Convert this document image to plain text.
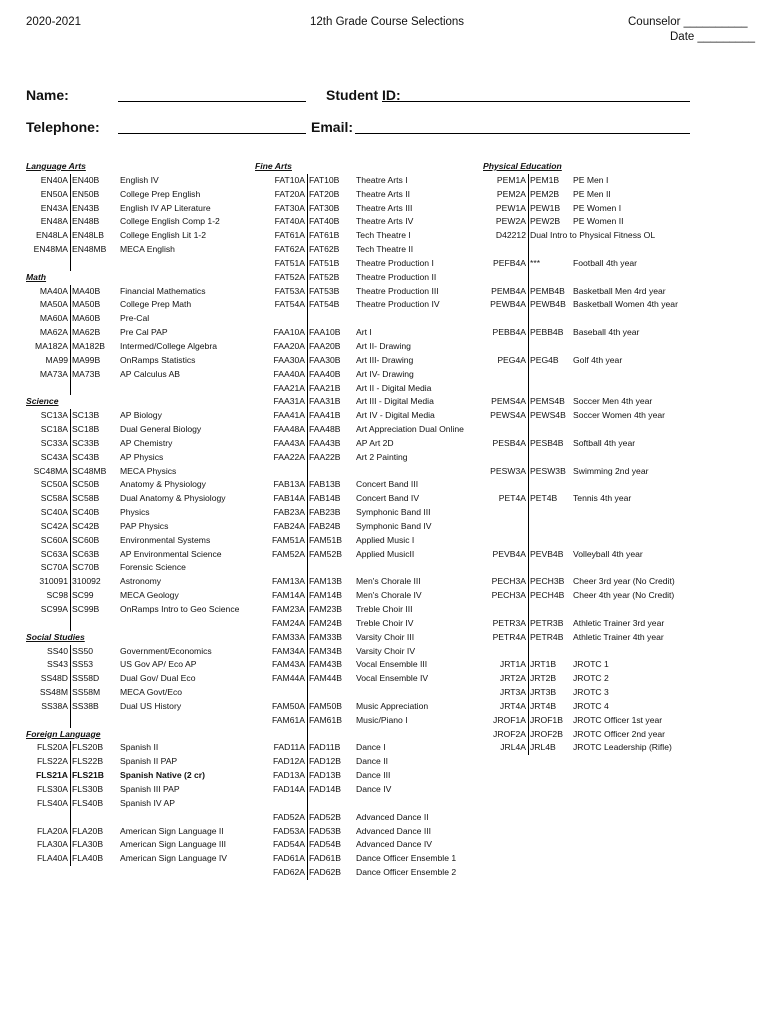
2020-2021	12th Grade Course Selections	Counselor __________
Date _________
Name:	Student ID:
Telephone:	Email:
Language Arts
EN40A EN40B English IV
EN50A EN50B College Prep English
EN43A EN43B English IV AP Literature
EN48A EN48B College English Comp 1-2
EN48LA EN48LB College English Lit 1-2
EN48MA EN48MB MECA English
Math
MA40A MA40B Financial Mathematics
MA50A MA50B College Prep Math
MA60A MA60B Pre-Cal
MA62A MA62B Pre Cal PAP
MA182A MA182B Intermed/College Algebra
MA99 MA99B OnRamps Statistics
MA73A MA73B AP Calculus AB
Science
SC13A SC13B AP Biology
SC18A SC18B Dual General Biology
SC33A SC33B AP Chemistry
SC43A SC43B AP Physics
SC48MA SC48MB MECA Physics
SC50A SC50B Anatomy & Physiology
SC58A SC58B Dual Anatomy & Physiology
SC40A SC40B Physics
SC42A SC42B PAP Physics
SC60A SC60B Environmental Systems
SC63A SC63B AP Environmental Science
SC70A SC70B Forensic Science
310091 310092 Astronomy
SC98 SC99	MECA Geology
SC99A SC99B OnRamps Intro to Geo Science
Social Studies
SS40 SS50	Government/Economics
SS43 SS53	US Gov AP/ Eco AP
SS48D SS58D Dual Gov/ Dual Eco
SS48M SS58M MECA Govt/Eco
SS38A SS38B Dual US History
Foreign Language
FLS20A FLS20B Spanish II
FLS22A FLS22B Spanish II PAP
FLS21A FLS21B Spanish Native (2 cr)
FLS30A FLS30B Spanish III PAP
FLS40A FLS40B Spanish IV AP
FLA20A FLA20B American Sign Language II
FLA30A FLA30B American Sign Language III
FLA40A FLA40B American Sign Language IV
Fine Arts
FAT10A FAT10B Theatre Arts I
FAT20A FAT20B Theatre Arts II
FAT30A FAT30B Theatre Arts III
FAT40A FAT40B Theatre Arts IV
FAT61A FAT61B Tech Theatre I
FAT62A FAT62B Tech Theatre II
FAT51A FAT51B Theatre Production I
FAT52A FAT52B Theatre Production II
FAT53A FAT53B Theatre Production III
FAT54A FAT54B Theatre Production IV
FAA10A FAA10B Art I
FAA20A FAA20B Art II- Drawing
FAA30A FAA30B Art III- Drawing
FAA40A FAA40B Art IV- Drawing
FAA21A FAA21B Art II - Digital Media
FAA31A FAA31B Art III - Digital Media
FAA41A FAA41B Art IV - Digital Media
FAA48A FAA48B Art Appreciation Dual Online
FAA43A FAA43B AP Art 2D
FAA22A FAA22B Art 2 Painting
FAB13A FAB13B Concert Band III
FAB14A FAB14B Concert Band IV
FAB23A FAB23B Symphonic Band III
FAB24A FAB24B Symphonic Band IV
FAM51A FAM51B Applied Music I
FAM52A FAM52B Applied MusicII
FAM13A FAM13B Men's Chorale III
FAM14A FAM14B Men's Chorale IV
FAM23A FAM23B Treble Choir III
FAM24A FAM24B Treble Choir IV
FAM33A FAM33B Varsity Choir III
FAM34A FAM34B Varsity Choir IV
FAM43A FAM43B Vocal Ensemble III
FAM44A FAM44B Vocal Ensemble IV
FAM50A FAM50B Music Appreciation
FAM61A FAM61B Music/Piano I
FAD11A FAD11B Dance I
FAD12A FAD12B Dance II
FAD13A FAD13B Dance III
FAD14A FAD14B Dance IV
FAD52A FAD52B Advanced Dance II
FAD53A FAD53B Advanced Dance III
FAD54A FAD54B Advanced Dance IV
FAD61A FAD61B Dance Officer Ensemble 1
FAD62A FAD62B Dance Officer Ensemble 2
Physical Education
PEM1A PEM1B PE Men I
PEM2A PEM2B PE Men II
PEW1A PEW1B PE Women I
PEW2A PEW2B PE Women II
D42212 Dual Intro to Physical Fitness OL
PEFB4A ***	Football 4th year
PEMB4A PEMB4B Basketball Men 4rd year
PEWB4A PEWB4B Basketball Women 4th year
PEBB4A PEBB4B Baseball 4th year
PEG4A PEG4B Golf 4th year
PEMS4A PEMS4B Soccer Men 4th year
PEWS4A PEWS4B Soccer Women 4th year
PESB4A PESB4B Softball 4th year
PESW3A PESW3B Swimming 2nd year
PET4A PET4B Tennis 4th year
PEVB4A PEVB4B Volleyball 4th year
PECH3A PECH3B Cheer 3rd year (No Credit)
PECH3A PECH4B Cheer 4th year (No Credit)
PETR3A PETR3B Athletic Trainer 3rd year
PETR4A PETR4B Athletic Trainer 4th year
JRT1A JRT1B JROTC 1
JRT2A JRT2B JROTC 2
JRT3A JRT3B JROTC 3
JRT4A JRT4B JROTC 4
JROF1A JROF1B JROTC Officer 1st year
JROF2A JROF2B JROTC Officer 2nd year
JRL4A JRL4B JROTC Leadership (Rifle)
